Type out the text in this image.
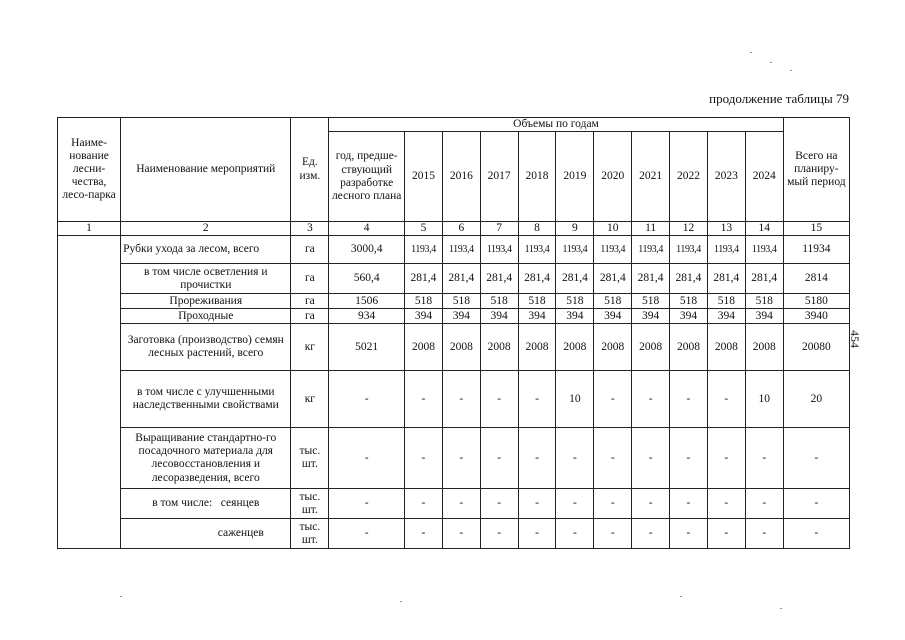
продолжение таблицы 79
454
Наиме-нование лесни-чества, лесо-парка	Наименование мероприятий	Ед. изм.	Объемы по годам											Всего на планиру-мый период
			год, предше-ствующий разработке лесного плана	2015	2016	2017	2018	2019	2020	2021	2022	2023	2024	
1	2	3	4	5	6	7	8	9	10	11	12	13	14	15
	Рубки ухода за лесом, всего	га	3000,4	1193,4	1193,4	1193,4	1193,4	1193,4	1193,4	1193,4	1193,4	1193,4	1193,4	11934
	в том числе осветления и прочистки	га	560,4	281,4	281,4	281,4	281,4	281,4	281,4	281,4	281,4	281,4	281,4	2814
	Прореживания	га	1506	518	518	518	518	518	518	518	518	518	518	5180
	Проходные	га	934	394	394	394	394	394	394	394	394	394	394	3940
	Заготовка (производство) семян лесных растений, всего	кг	5021	2008	2008	2008	2008	2008	2008	2008	2008	2008	2008	20080
	в том числе с улучшенными наследственными свойствами	кг	-	-	-	-	-	10	-	-	-	-	10	20
	Выращивание стандартно-го посадочного материала для лесовосстановления и лесоразведения, всего	тыс. шт.	-	-	-	-	-	-	-	-	-	-	-	-
	в том числе:   сеянцев	тыс. шт.	-	-	-	-	-	-	-	-	-	-	-	-
	саженцев	тыс. шт.	-	-	-	-	-	-	-	-	-	-	-	-
